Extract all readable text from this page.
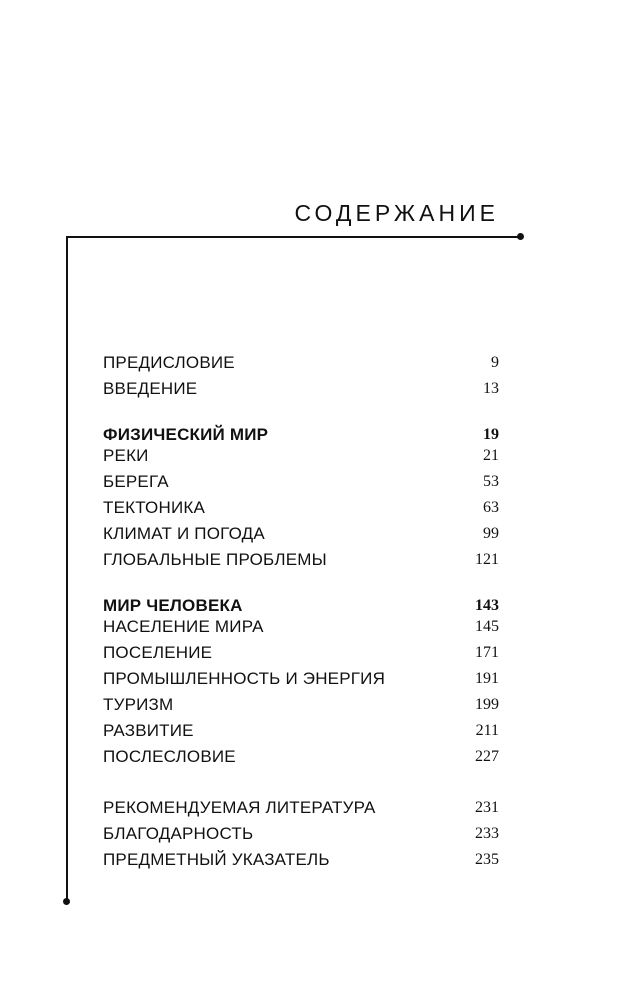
СОДЕРЖАНИЕ
ПРЕДИСЛОВИЕ	9
ВВЕДЕНИЕ	13
ФИЗИЧЕСКИЙ МИР	19
РЕКИ	21
БЕРЕГА	53
ТЕКТОНИКА	63
КЛИМАТ И ПОГОДА	99
ГЛОБАЛЬНЫЕ ПРОБЛЕМЫ	121
МИР ЧЕЛОВЕКА	143
НАСЕЛЕНИЕ МИРА	145
ПОСЕЛЕНИЕ	171
ПРОМЫШЛЕННОСТЬ И ЭНЕРГИЯ	191
ТУРИЗМ	199
РАЗВИТИЕ	211
ПОСЛЕСЛОВИЕ	227
РЕКОМЕНДУЕМАЯ ЛИТЕРАТУРА	231
БЛАГОДАРНОСТЬ	233
ПРЕДМЕТНЫЙ УКАЗАТЕЛЬ	235
